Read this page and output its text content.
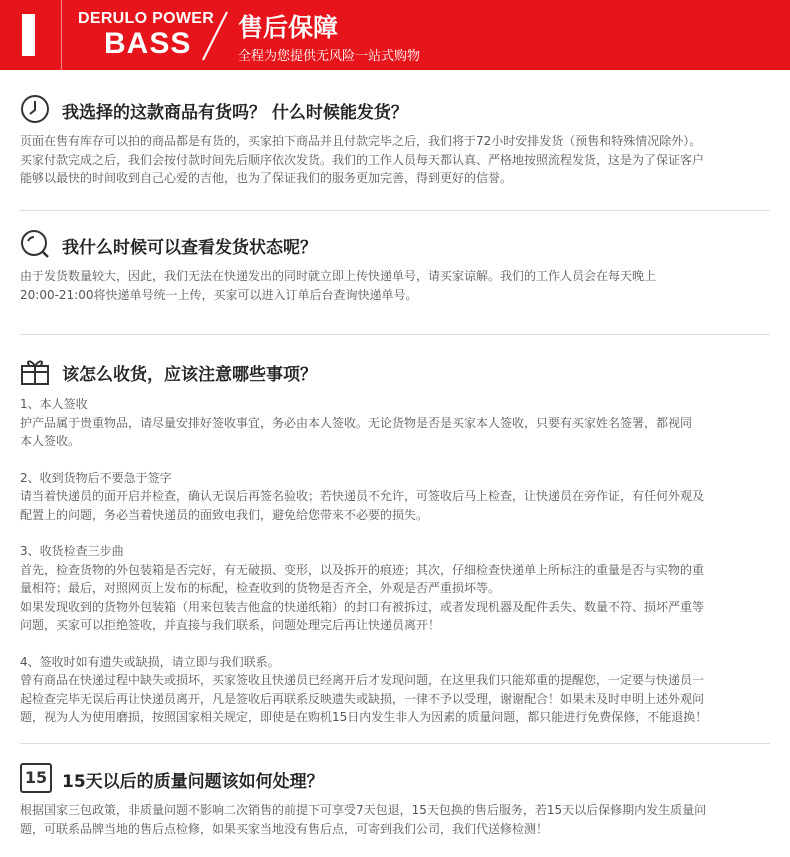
DERULO POWER
BASS 售后保障
全程为您提供无风险一站式购物
我选择的这款商品有货吗？ 什么时候能发货？

页面在售有库存可以拍的商品都是有货的，买家拍下商品并且付款完毕之后，我们将于72小时安排发货（预售和特殊情况除外）。

买家付款完成之后，我们会按付款时间先后顺序依次发货。我们的工作人员每天都认真、严格地按照流程发货，这是为了保证客户

能够以最快的时间收到自己心爱的吉他，也为了保证我们的服务更加完善，得到更好的信誉。

我什么时候可以查看发货状态呢？

由于发货数量较大，因此，我们无法在快递发出的同时就立即上传快递单号，请买家谅解。我们的工作人员会在每天晚上

20:00-21:00将快递单号统一上传，买家可以进入订单后台查询快递单号。

该怎么收货，应该注意哪些事项？

1、本人签收

护产品属于贵重物品，请尽量安排好签收事宜，务必由本人签收。无论货物是否是买家本人签收，只要有买家姓名签署，都视同

本人签收。

2、收到货物后不要急于签字

请当着快递员的面开启并检查，确认无误后再签名验收；若快递员不允许，可签收后马上检查，让快递员在旁作证，有任何外观及

配置上的问题，务必当着快递员的面致电我们，避免给您带来不必要的损失。

3、收货检查三步曲

首先，检查货物的外包装箱是否完好，有无破损、变形，以及拆开的痕迹；其次，仔细检查快递单上所标注的重量是否与实物的重

量相符；最后，对照网页上发布的标配，检查收到的货物是否齐全，外观是否严重损坏等。

如果发现收到的货物外包装箱（用来包装吉他盒的快递纸箱）的封口有被拆过，或者发现机器及配件丢失、数量不符、损坏严重等

问题，买家可以拒绝签收，并直接与我们联系，问题处理完后再让快递员离开！

4、签收时如有遗失或缺损，请立即与我们联系。

曾有商品在快递过程中缺失或损坏，买家签收且快递员已经离开后才发现问题，在这里我们只能郑重的提醒您，一定要与快递员一

起检查完毕无误后再让快递员离开，凡是签收后再联系反映遗失或缺损，一律不予以受理，谢谢配合！如果未及时申明上述外观问

题，视为人为使用磨损，按照国家相关规定，即使是在购机15日内发生非人为因素的质量问题，都只能进行免费保修，不能退换！

15 15天以后的质量问题该如何处理？

根据国家三包政策，非质量问题不影响二次销售的前提下可享受7天包退，15天包换的售后服务，若15天以后保修期内发生质量问

题，可联系品牌当地的售后点检修，如果买家当地没有售后点，可寄到我们公司，我们代送修检测！
